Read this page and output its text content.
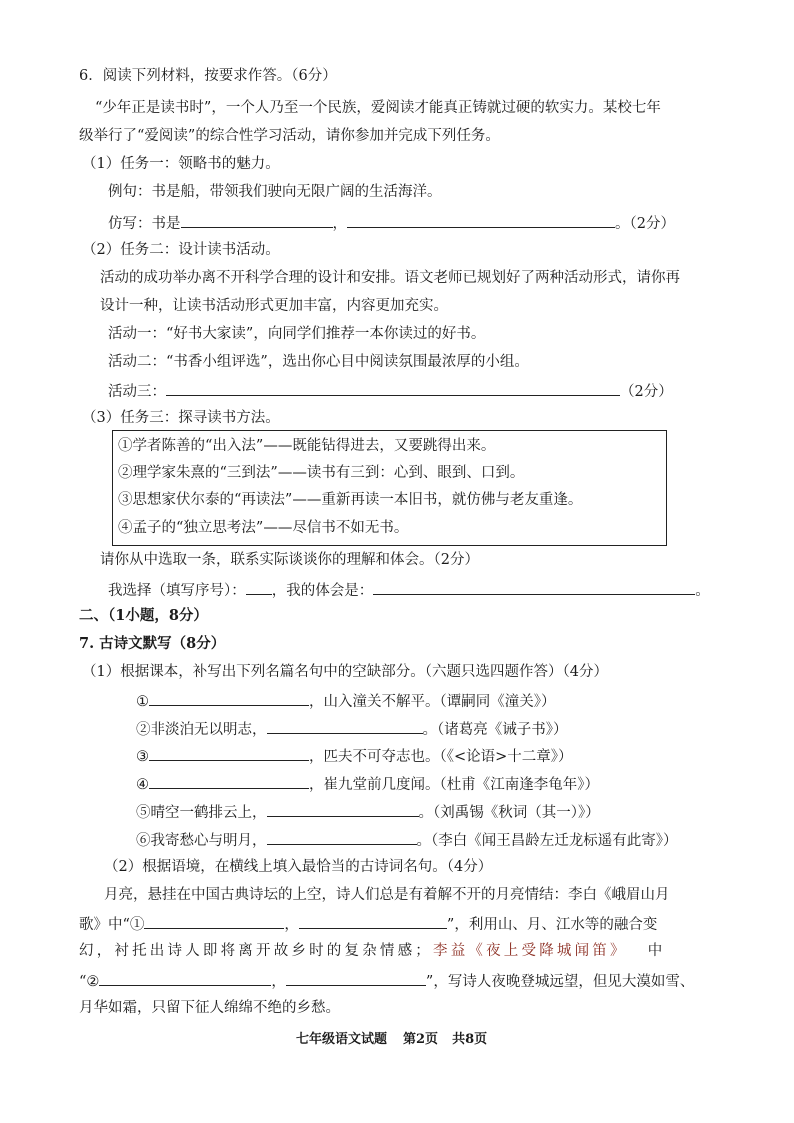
6．阅读下列材料，按要求作答。（6分）
“少年正是读书时”，一个人乃至一个民族，爱阅读才能真正铸就过硬的软实力。某校七年
级举行了“爱阅读”的综合性学习活动，请你参加并完成下列任务。
（1）任务一：领略书的魅力。
例句：书是船，带领我们驶向无限广阔的生活海洋。
仿写：书是	，	。（2分）
（2）任务二：设计读书活动。
活动的成功举办离不开科学合理的设计和安排。语文老师已规划好了两种活动形式，请你再
设计一种，让读书活动形式更加丰富，内容更加充实。
活动一：“好书大家读”，向同学们推荐一本你读过的好书。
活动二：“书香小组评选”，选出你心目中阅读氛围最浓厚的小组。
活动三：	（2分）
（3）任务三：探寻读书方法。
①学者陈善的“出入法”——既能钻得进去，又要跳得出来。
②理学家朱熹的“三到法”——读书有三到：心到、眼到、口到。
③思想家伏尔泰的“再读法”——重新再读一本旧书，就仿佛与老友重逢。
④孟子的“独立思考法”——尽信书不如无书。
请你从中选取一条，联系实际谈谈你的理解和体会。（2分）
我选择（填写序号）： ，我的体会是：	。
二、（1小题，8分）
7. 古诗文默写（8分）
（1）根据课本，补写出下列名篇名句中的空缺部分。（六题只选四题作答）（4分）
①	，山入潼关不解平。（谭嗣同《潼关》）
②非淡泊无以明志，	。（诸葛亮《诫子书》）
③	，匹夫不可夺志也。（《<论语>十二章》）
④	，崔九堂前几度闻。（杜甫《江南逢李龟年》）
⑤晴空一鹤排云上，	。（刘禹锡《秋词（其一）》）
⑥我寄愁心与明月，	。（李白《闻王昌龄左迁龙标遥有此寄》）
（2）根据语境，在横线上填入最恰当的古诗词名句。（4分）
月亮，悬挂在中国古典诗坛的上空，诗人们总是有着解不开的月亮情结：李白《峨眉山月
歌》中“①	，	”，利用山、月、江水等的融合变
幻，衬托出诗人即将离开故乡时的复杂情感；李益《夜上受降城闻笛》 中
“②	，	”，写诗人夜晚登城远望，但见大漠如雪、
月华如霜，只留下征人绵绵不绝的乡愁。
七年级语文试题 第2页 共8页
